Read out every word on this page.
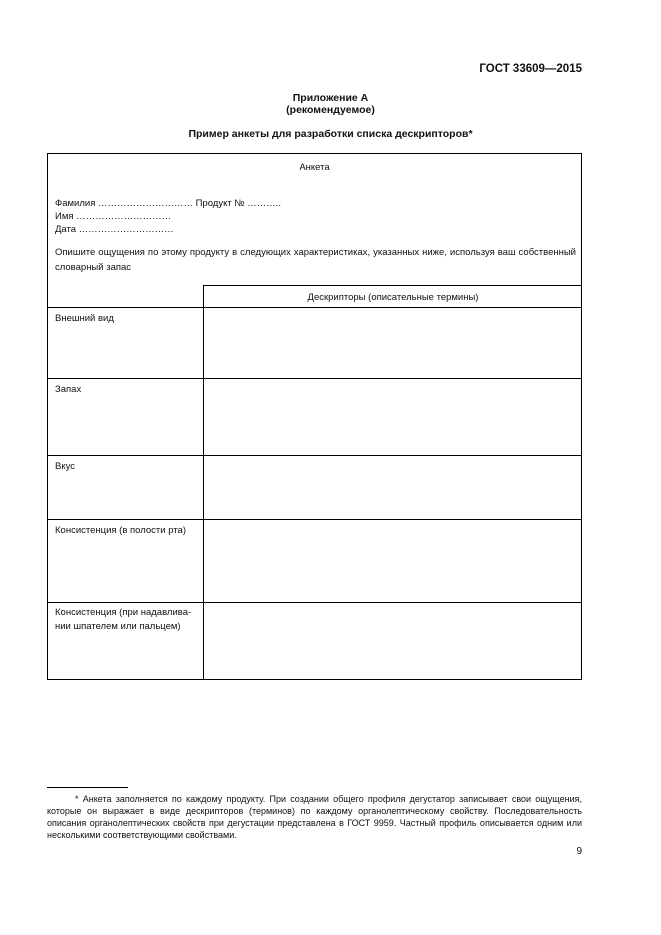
ГОСТ 33609—2015
Приложение А
(рекомендуемое)
Пример анкеты для разработки списка дескрипторов*
Анкета
Фамилия ………………………… Продукт № ………..
Имя …………………………
Дата …………………………
Опишите ощущения по этому продукту в следующих характеристиках, указанных ниже, используя ваш собственный словарный запас
Дескрипторы (описательные термины)
Внешний вид
Запах
Вкус
Консистенция (в полости рта)
Консистенция (при надавлива-
нии шпателем или пальцем)
* Анкета заполняется по каждому продукту. При создании общего профиля дегустатор записывает свои ощущения, которые он выражает в виде дескрипторов (терминов) по каждому органолептическому свойству. Последовательность описания органолептических свойств при дегустации представлена в ГОСТ 9959. Частный профиль описывается одним или несколькими соответствующими свойствами.
9
